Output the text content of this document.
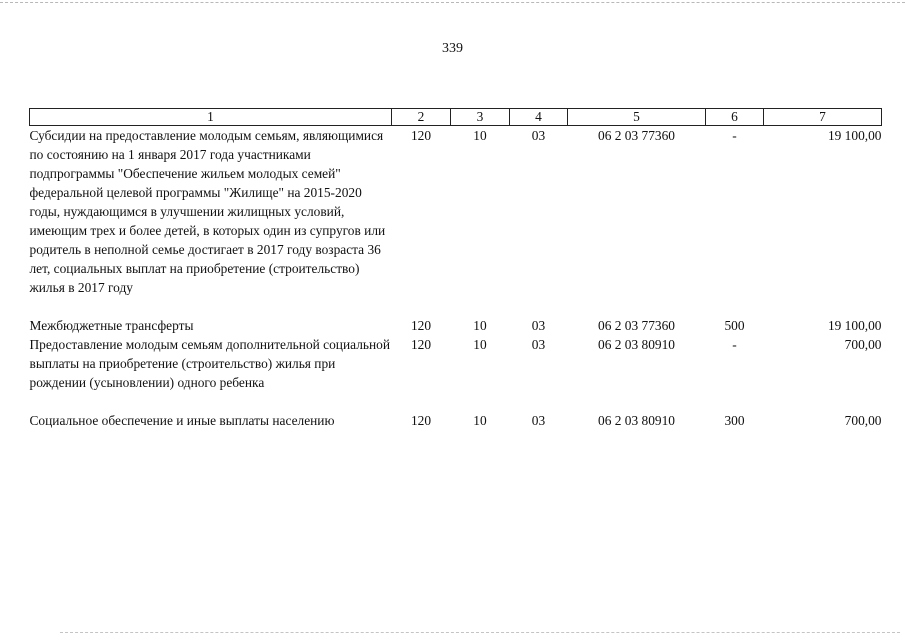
339
1	2	3	4	5	6	7
Субсидии на предоставление молодым семьям, являющимися по состоянию на 1 января 2017 года участниками подпрограммы "Обеспечение жильем молодых семей" федеральной целевой программы "Жилище" на 2015-2020 годы, нуждающимся в улучшении жилищных условий, имеющим трех и более детей, в которых один из супругов или родитель в неполной семье достигает в 2017 году возраста 36 лет, социальных выплат на приобретение (строительство) жилья в 2017 году	120	10	03	06 2 03 77360	-	19 100,00

Межбюджетные трансферты	120	10	03	06 2 03 77360	500	19 100,00
Предоставление молодым семьям дополнительной социальной выплаты на приобретение (строительство) жилья при рождении (усыновлении) одного ребенка	120	10	03	06 2 03 80910	-	700,00

Социальное обеспечение и иные выплаты населению	120	10	03	06 2 03 80910	300	700,00
